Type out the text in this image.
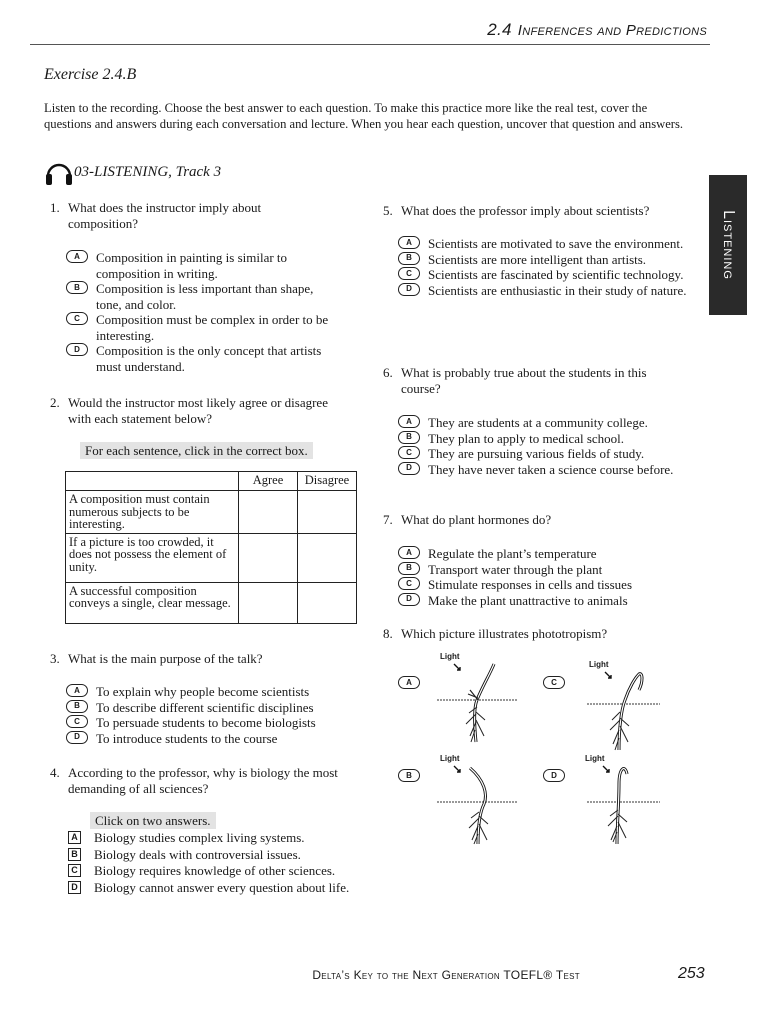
2.4 Inferences and Predictions
Exercise 2.4.B
Listen to the recording. Choose the best answer to each question. To make this practice more like the real test, cover the questions and answers during each conversation and lecture. When you hear each question, uncover that question and answers.
03-LISTENING, Track 3
Listening
1. What does the instructor imply about composition?
A	Composition in painting is similar to composition in writing.
B	Composition is less important than shape, tone, and color.
C	Composition must be complex in order to be interesting.
D	Composition is the only concept that artists must understand.
2. Would the instructor most likely agree or disagree with each statement below?
For each sentence, click in the correct box.
	Agree	Disagree
A composition must contain numerous subjects to be interesting.		
If a picture is too crowded, it does not possess the element of unity.		
A successful composition conveys a single, clear message.		
3. What is the main purpose of the talk?
A	To explain why people become scientists
B	To describe different scientific disciplines
C	To persuade students to become biologists
D	To introduce students to the course
4. According to the professor, why is biology the most demanding of all sciences?
Click on two answers.
A Biology studies complex living systems.
B Biology deals with controversial issues.
C Biology requires knowledge of other sciences.
D Biology cannot answer every question about life.
5. What does the professor imply about scientists?
A	Scientists are motivated to save the environment.
B	Scientists are more intelligent than artists.
C	Scientists are fascinated by scientific technology.
D	Scientists are enthusiastic in their study of nature.
6. What is probably true about the students in this course?
A	They are students at a community college.
B	They plan to apply to medical school.
C	They are pursuing various fields of study.
D	They have never taken a science course before.
7. What do plant hormones do?
A	Regulate the plant’s temperature
B	Transport water through the plant
C	Stimulate responses in cells and tissues
D	Make the plant unattractive to animals
8. Which picture illustrates phototropism?
A	C
B	D
Light
Light
Light	Light
Delta’s Key to the Next Generation TOEFL® Test	253
